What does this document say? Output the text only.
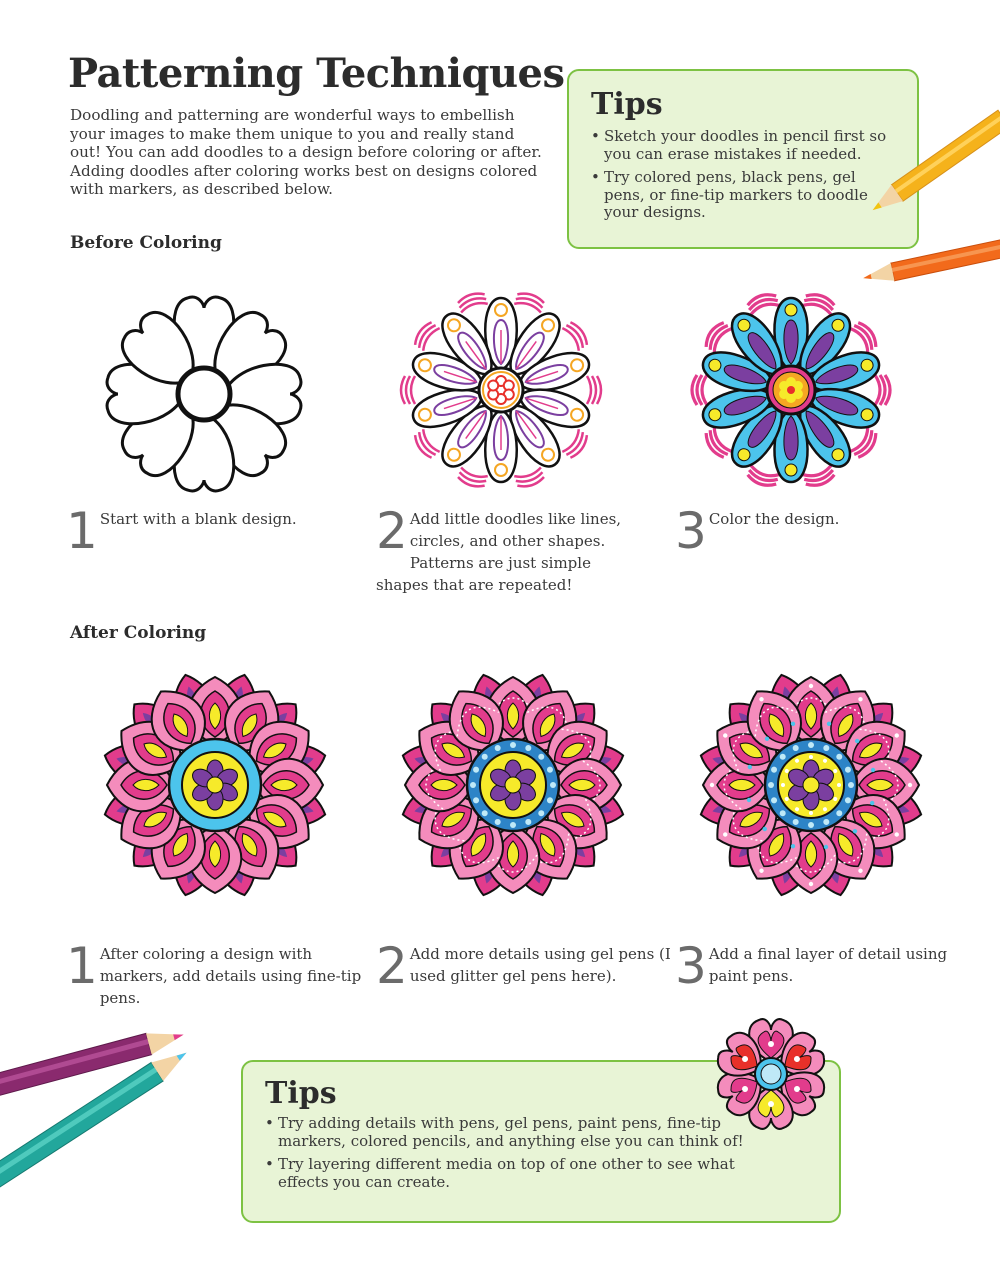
Patterning Techniques

Doodling and patterning are wonderful ways to embellish your images to make them unique to you and really stand out! You can add doodles to a design before coloring or after. Adding doodles after coloring works best on designs colored with markers, as described below.

Tips
• Sketch your doodles in pencil first so you can erase mistakes if needed.
• Try colored pens, black pens, gel pens, or fine-tip markers to doodle your designs.
Before Coloring
1 Start with a blank design. 2 Add little doodles like lines, circles, and other shapes. Patterns are just simple shapes that are repeated!
3 Color the design.
After Coloring
1 After coloring a design with markers, add details using fine-tip pens.
2 Add more details using gel pens (I used glitter gel pens here).	3 Add a final layer of detail using paint pens.
Tips
• Try adding details with pens, gel pens, paint pens, fine-tip markers, colored pencils, and anything else you can think of!
• Try layering different media on top of one other to see what effects you can create.
